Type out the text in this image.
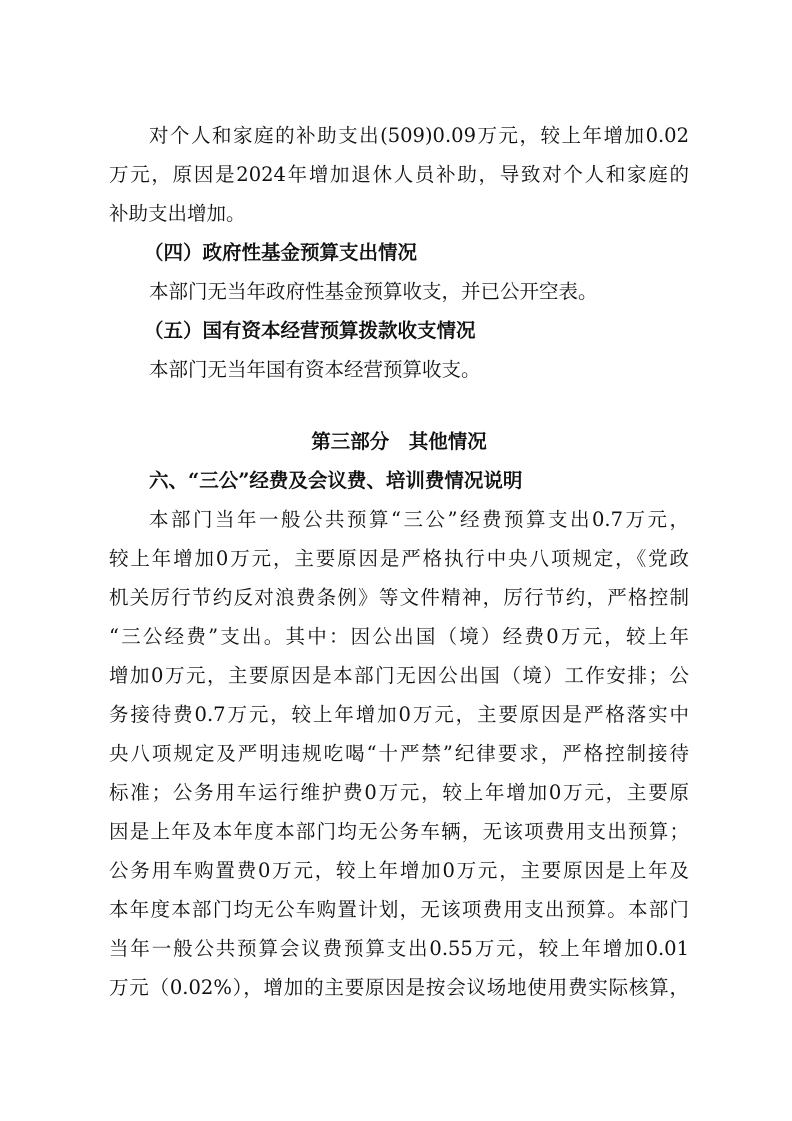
对个人和家庭的补助支出(509)0.09万元，较上年增加0.02
万元，原因是2024年增加退休人员补助，导致对个人和家庭的
补助支出增加。
（四）政府性基金预算支出情况
本部门无当年政府性基金预算收支，并已公开空表。
（五）国有资本经营预算拨款收支情况
本部门无当年国有资本经营预算收支。
第三部分　其他情况
六、“三公”经费及会议费、培训费情况说明
本部门当年一般公共预算“三公”经费预算支出0.7万元，
较上年增加0万元，主要原因是严格执行中央八项规定，《党政
机关厉行节约反对浪费条例》等文件精神，厉行节约，严格控制
“三公经费”支出。其中：因公出国（境）经费0万元，较上年
增加0万元，主要原因是本部门无因公出国（境）工作安排；公
务接待费0.7万元，较上年增加0万元，主要原因是严格落实中
央八项规定及严明违规吃喝“十严禁”纪律要求，严格控制接待
标准；公务用车运行维护费0万元，较上年增加0万元，主要原
因是上年及本年度本部门均无公务车辆，无该项费用支出预算；
公务用车购置费0万元，较上年增加0万元，主要原因是上年及
本年度本部门均无公车购置计划，无该项费用支出预算。本部门
当年一般公共预算会议费预算支出0.55万元，较上年增加0.01
万元（0.02%），增加的主要原因是按会议场地使用费实际核算，
